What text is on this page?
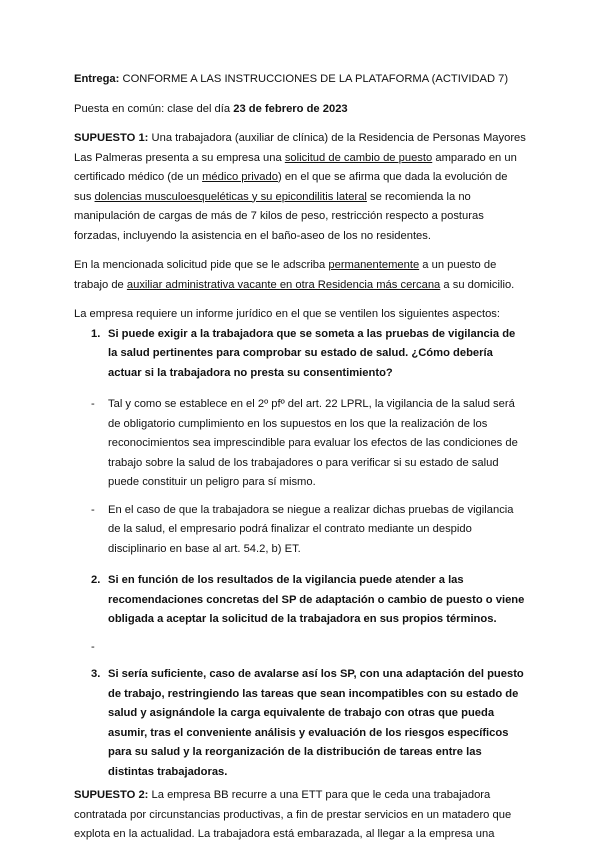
Entrega: CONFORME A LAS INSTRUCCIONES DE LA PLATAFORMA (ACTIVIDAD 7)

Puesta en común: clase del día 23 de febrero de 2023

SUPUESTO 1: Una trabajadora (auxiliar de clínica) de la Residencia de Personas Mayores Las Palmeras presenta a su empresa una solicitud de cambio de puesto amparado en un certificado médico (de un médico privado) en el que se afirma que dada la evolución de sus dolencias musculoesqueléticas y su epicondilitis lateral se recomienda la no manipulación de cargas de más de 7 kilos de peso, restricción respecto a posturas forzadas, incluyendo la asistencia en el baño-aseo de los no residentes.

En la mencionada solicitud pide que se le adscriba permanentemente a un puesto de trabajo de auxiliar administrativa vacante en otra Residencia más cercana a su domicilio.

La empresa requiere un informe jurídico en el que se ventilen los siguientes aspectos:

1. Si puede exigir a la trabajadora que se someta a las pruebas de vigilancia de la salud pertinentes para comprobar su estado de salud. ¿Cómo debería actuar si la trabajadora no presta su consentimiento?
- Tal y como se establece en el 2º pfº del art. 22 LPRL, la vigilancia de la salud será de obligatorio cumplimiento en los supuestos en los que la realización de los reconocimientos sea imprescindible para evaluar los efectos de las condiciones de trabajo sobre la salud de los trabajadores o para verificar si su estado de salud puede constituir un peligro para sí mismo.
- En el caso de que la trabajadora se niegue a realizar dichas pruebas de vigilancia de la salud, el empresario podrá finalizar el contrato mediante un despido disciplinario en base al art. 54.2, b) ET.
2. Si en función de los resultados de la vigilancia puede atender a las recomendaciones concretas del SP de adaptación o cambio de puesto o viene obligada a aceptar la solicitud de la trabajadora en sus propios términos.
-

3. Si sería suficiente, caso de avalarse así los SP, con una adaptación del puesto de trabajo, restringiendo las tareas que sean incompatibles con su estado de salud y asignándole la carga equivalente de trabajo con otras que pueda asumir, tras el conveniente análisis y evaluación de los riesgos específicos para su salud y la reorganización de la distribución de tareas entre las distintas trabajadoras.

SUPUESTO 2: La empresa BB recurre a una ETT para que le ceda una trabajadora contratada por circunstancias productivas, a fin de prestar servicios en un matadero que explota en la actualidad. La trabajadora está embarazada, al llegar a la empresa una
